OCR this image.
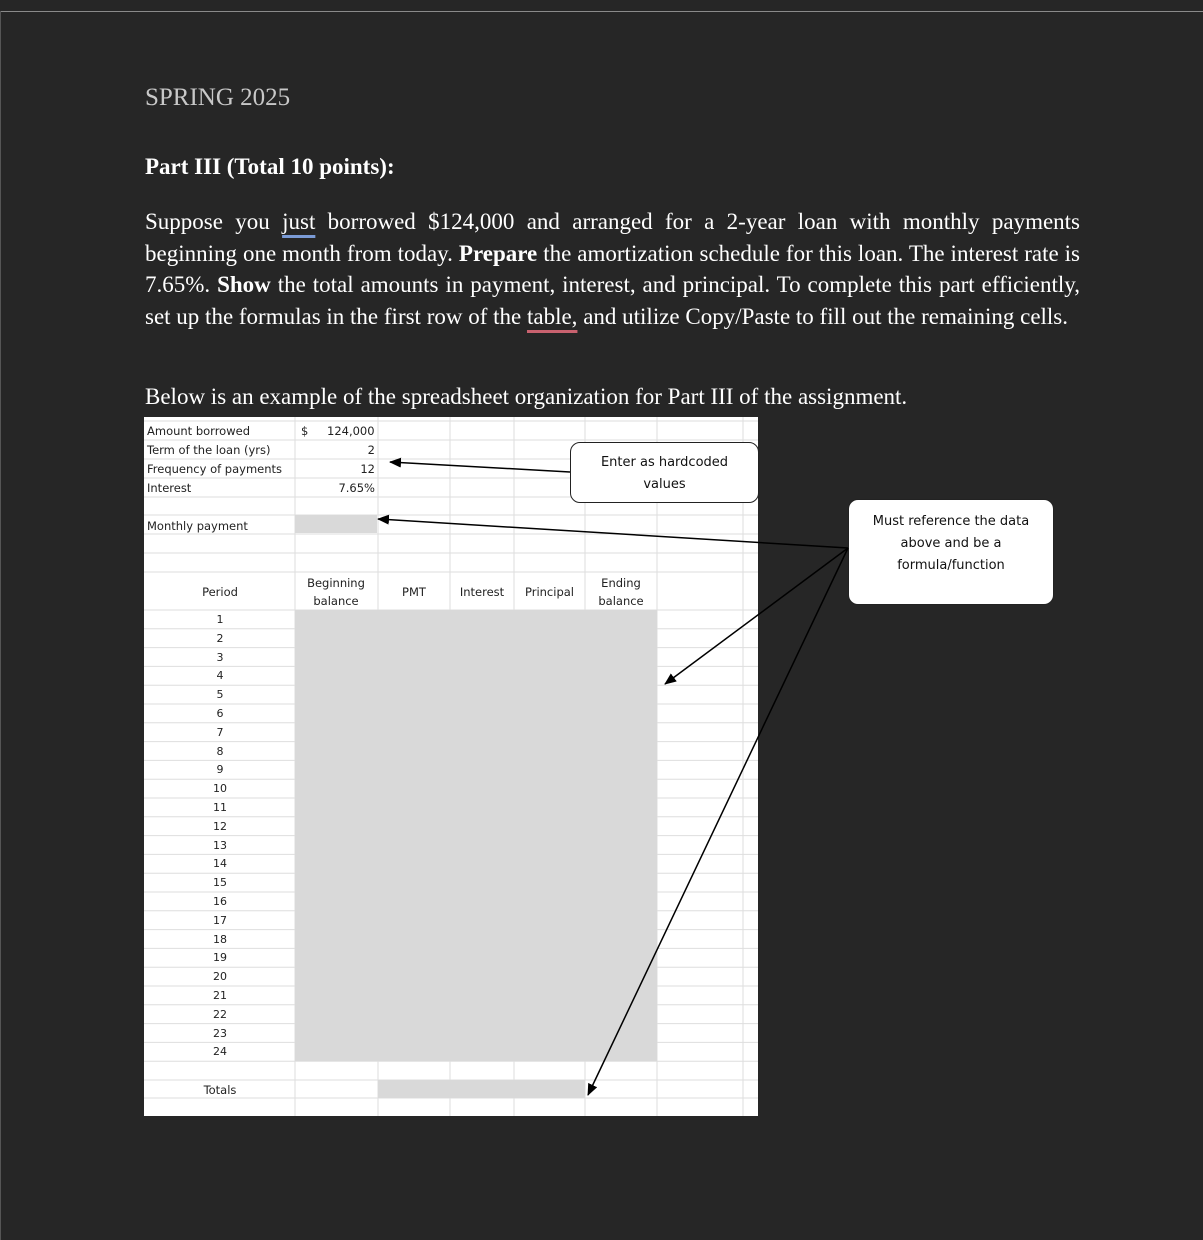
SPRING 2025
Part III (Total 10 points):
Suppose you just borrowed $124,000 and arranged for a 2-year loan with monthly payments beginning one month from today. Prepare the amortization schedule for this loan. The interest rate is 7.65%. Show the total amounts in payment, interest, and principal. To complete this part efficiently, set up the formulas in the first row of the table, and utilize Copy/Paste to fill out the remaining cells.
Below is an example of the spreadsheet organization for Part III of the assignment.
Amount borrowed
Term of the loan (yrs)
Frequency of payments
Interest
$ 124,000
2
12
7.65%
Monthly payment
Period
Beginning
balance
PMT	Interest	Principal
Ending
balance
1
2
3
4
5
6
7
8
9
10
11
12
13
14
15
16
17
18
19
20
21
22
23
24
Totals
Enter as hardcoded
values
Must reference the data
above and be a
formula/function
